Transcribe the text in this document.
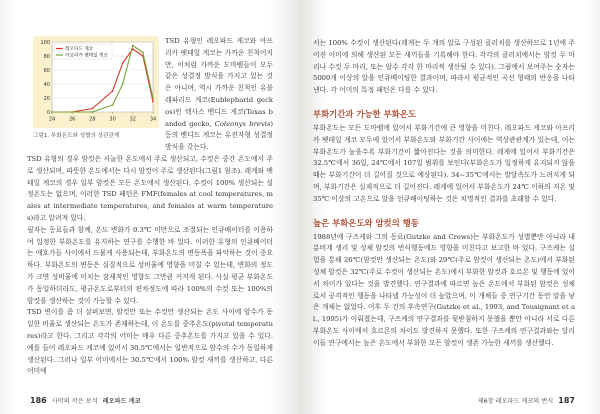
0
20
40
60
80
100
24	26	28	30	32	34
레오파드 게코
아프리카 팻테일 게코
그림1. 부화온도와 성별의 상관관계

TSD 유형인 레오파드 게코와 아프리카 팻테일 게코는 가까운 친척이지만, 이처럼 가까운 도마뱀들이 모두 같은 성결정 방식을 가지고 있는 것은 아니며, 역시 가까운 친척인 유블레파리드 게코(Eublepharid geckos)인 텍사스 밴디드 게코(Texas banded gecko, Coleonyx brevis) 등의 밴디드 게코는 유전자형 성결정 방식을 갖는다.

TSD 유형의 경우 암컷은 서늘한 온도에서 주로 생산되고, 수컷은 중간 온도에서 주로 생산되며, 따뜻한 온도에서는 다시 암컷이 주로 생산된다(그림1 참조). 레게와 팻테일 게코의 경우 일부 암컷은 모든 온도에서 생산된다. 수컷이 100% 생산되는 설정온도는 없으며, 이러한 TSD 패턴은 FMF(females at cool temperatures, males at intermediate temperatures, and females at warm temperatures)라고 알려져 있다.

필자는 동료들과 함께, 온도 변화가 0.3℃ 미만으로 조절되는 인큐베이터를 이용하여 일정한 부화온도를 유지하는 연구를 수행한 바 있다. 이러한 유형의 인큐베이터는 애호가들 사이에서 드물게 사용되는데, 부화온도의 변동폭을 파악하는 것이 중요하다. 부화온도의 변동은 실질적으로 성비율에 영향을 미칠 수 있는데, 변화의 정도가 크면 성비율에 미치는 잠재적인 영향도 그만큼 커지게 된다. 사실 평균 부화온도가 동일하더라도, 평균온도로부터의 편차정도에 따라 100%의 수컷 또는 100%의 암컷을 생산하는 것이 가능할 수 있다.

TSD 변이를 좀 더 살펴보면, 암컷만 또는 수컷만 생산되는 온도 사이에 암수가 동일한 비율로 생산되는 온도가 존재하는데, 이 온도를 중추온도(pivotal temperatures)라고 한다. 그리고 각각의 어미는 매우 다른 중추온도를 가지고 있을 수 있다. 예를 들어 레오파드 게코에 있어서 30.5℃에서는 일반적으로 암수의 수가 동일하게 생산된다. 그러나 일부 어미에서는 30.5℃에서 100% 암컷 새끼를 생산하고, 다른 어미에

186 사막의 작은 보석 레오파드 게코

서는 100% 수컷이 생산된다(레게는 두 개의 알로 구성된 클러치를 생산하므로 1년에 주어진 어미에 의해 생산된 모든 새끼들을 기록해야 한다. 각각의 클러치에서는 암컷 두 마리나 수컷 두 마리, 또는 암수 각각 한 마리씩 생산될 수 있다). 그림에서 보여주는 숫자는 5000개 이상의 알을 인큐베이팅한 결과이며, 따라서 평균적인 곡선 형태의 반응을 나타낸다. 각 어미의 특정 패턴은 다를 수 있다.

부화기간과 가능한 부화온도

부화온도는 모든 도마뱀에 있어서 부화기간에 큰 영향을 미친다. 레오파드 게코와 아프리카 팻테일 게코 모두에 있어서 부화온도와 부화기간 사이에는 역상관관계가 있는데, 이는 부화온도가 높을수록 부화기간이 짧아진다는 것을 의미한다. 레게에 있어서 부화기간은 32.5℃에서 36일, 24℃에서 107일 범위를 보인다(부화온도가 일정하게 유지되지 않을 때는 부화기간이 더 길어질 것으로 예상된다). 34~35℃에서는 발달속도가 느려지게 되며, 부화기간은 실제적으로 더 길어진다. 레게에 있어서 부화온도가 24℃ 이하의 저온 및 35℃ 이상의 고온으로 알을 인큐베이팅하는 것은 치명적인 결과를 초래할 수 있다.

높은 부화온도와 암컷의 행동

1988년에 구즈케와 그의 동료(Gutzke and Crews)는 부화온도가 성별뿐만 아니라 내분비계 생리 및 성체 암컷의 번식행동에도 영향을 미친다고 보고한 바 있다. 구즈케는 실험을 통해 26℃(암컷만 생산되는 온도)와 29℃(주로 암컷이 생산되는 온도)에서 부화된 성체 암컷은 32℃(주로 수컷이 생산되는 온도)에서 부화한 암컷과 호르몬 및 행동에 있어서 차이가 있다는 것을 발견했다. 연구결과에 따르면 높은 온도에서 부화된 암컷은 성체로서 공격적인 행동을 나타낼 가능성이 더 높았으며, 이 개체들 중 연구기간 동안 알을 낳은 개체는 없었다. 이후 두 건의 후속연구(Gutzke et al., 1993, and Tousignant et al., 1995)가 이뤄졌는데, 구즈케의 연구결과를 뒷받침하지 못했을 뿐만 아니라 서로 다른 부화온도 사이에서 호르몬의 차이도 발견하지 못했다. 또한 구즈케의 연구결과와는 달리 이들 연구에서는 높은 온도에서 부화한 모든 암컷이 생존 가능한 새끼를 생산했다.

제6장 레오파드 게코의 번식 187
